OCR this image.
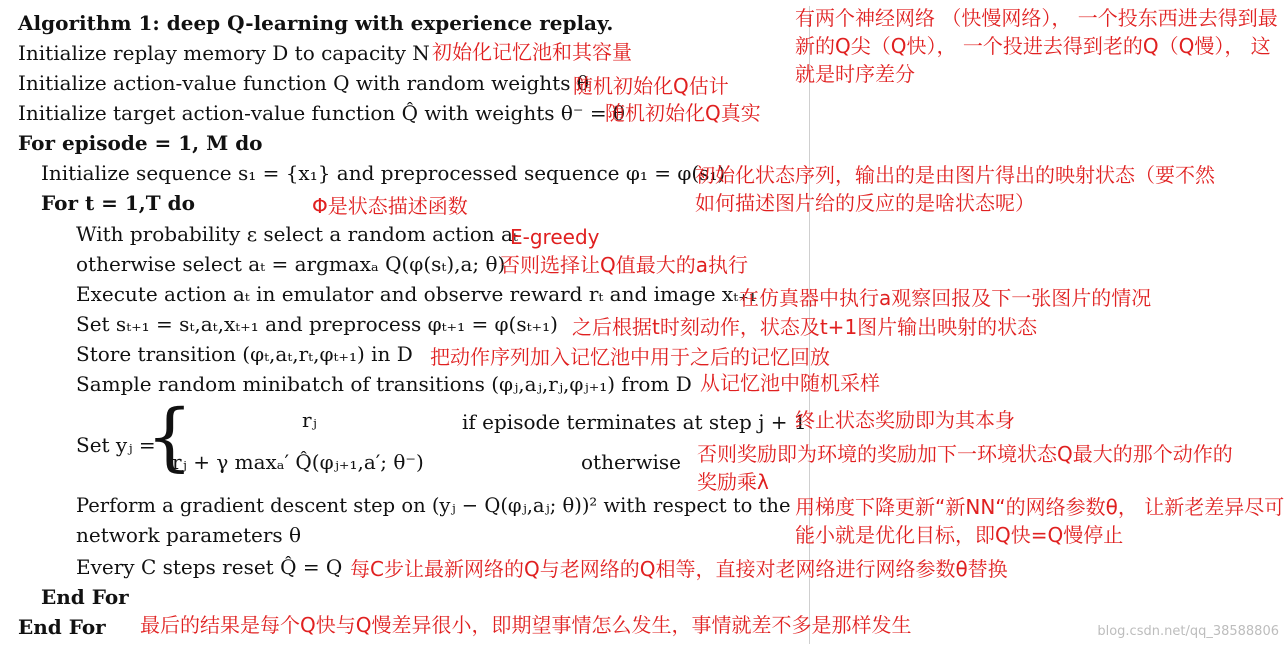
Algorithm 1: deep Q-learning with experience replay.
Initialize replay memory D to capacity N
Initialize action-value function Q with random weights θ
Initialize target action-value function Q̂ with weights θ⁻ = θ
For episode = 1, M do
Initialize sequence s₁ = {x₁} and preprocessed sequence φ₁ = φ(s₁)
For t = 1,T do
With probability ε select a random action aₜ
otherwise select aₜ = argmaxₐ Q(φ(sₜ),a; θ)
Execute action aₜ in emulator and observe reward rₜ and image xₜ₊₁
Set sₜ₊₁ = sₜ,aₜ,xₜ₊₁ and preprocess φₜ₊₁ = φ(sₜ₊₁)
Store transition (φₜ,aₜ,rₜ,φₜ₊₁) in D
Sample random minibatch of transitions (φⱼ,aⱼ,rⱼ,φⱼ₊₁) from D
rⱼ	if episode terminates at step j + 1
Set yⱼ =
{
rⱼ + γ maxₐ′ Q̂(φⱼ₊₁,a′; θ⁻)	otherwise
Perform a gradient descent step on (yⱼ − Q(φⱼ,aⱼ; θ))² with respect to the
network parameters θ
Every C steps reset Q̂ = Q
End For
End For
有两个神经网络 （快慢网络）， 一个投东西进去得到最新的Q尖（Q快）， 一个投进去得到老的Q（Q慢）， 这就是时序差分
初始化记忆池和其容量
随机初始化Q估计
随机初始化Q真实
初始化状态序列，输出的是由图片得出的映射状态（要不然如何描述图片给的反应的是啥状态呢）
Φ是状态描述函数
E-greedy
否则选择让Q值最大的a执行
在仿真器中执行a观察回报及下一张图片的情况
之后根据t时刻动作，状态及t+1图片输出映射的状态
把动作序列加入记忆池中用于之后的记忆回放
从记忆池中随机采样
终止状态奖励即为其本身
否则奖励即为环境的奖励加下一环境状态Q最大的那个动作的奖励乘λ
用梯度下降更新“新NN“的网络参数θ， 让新老差异尽可能小就是优化目标，即Q快=Q慢停止
每C步让最新网络的Q与老网络的Q相等，直接对老网络进行网络参数θ替换
最后的结果是每个Q快与Q慢差异很小，即期望事情怎么发生，事情就差不多是那样发生	blog.csdn.net/qq_38588806
